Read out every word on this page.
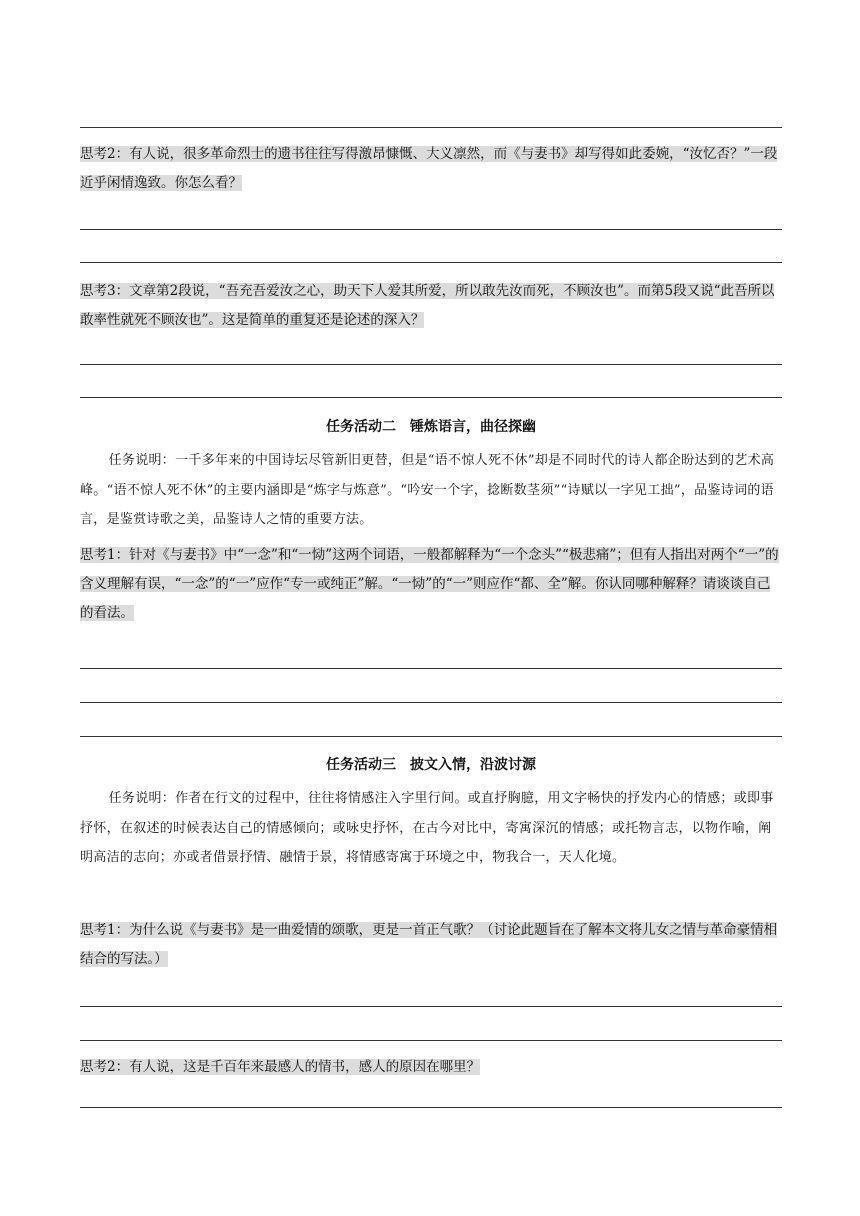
思考2：有人说，很多革命烈士的遗书往往写得激昂慷慨、大义凛然，而《与妻书》却写得如此委婉，“汝忆否？”一段近乎闲情逸致。你怎么看？
思考3：文章第2段说，“吾充吾爱汝之心，助天下人爱其所爱，所以敢先汝而死，不顾汝也”。而第5段又说“此吾所以敢率性就死不顾汝也”。这是简单的重复还是论述的深入？
任务活动二　锤炼语言，曲径探幽
任务说明：一千多年来的中国诗坛尽管新旧更替，但是“语不惊人死不休”却是不同时代的诗人都企盼达到的艺术高峰。“语不惊人死不休”的主要内涵即是“炼字与炼意”。“吟安一个字，捻断数茎须”“诗赋以一字见工拙”，品鉴诗词的语言，是鉴赏诗歌之美，品鉴诗人之情的重要方法。
思考1：针对《与妻书》中“一念”和“一恸”这两个词语，一般都解释为“一个念头”“极悲痛”；但有人指出对两个“一”的含义理解有误，“一念”的“一”应作“专一或纯正”解。“一恸”的“一”则应作“都、全”解。你认同哪种解释？请谈谈自己的看法。
任务活动三　披文入情，沿波讨源
任务说明：作者在行文的过程中，往往将情感注入字里行间。或直抒胸臆，用文字畅快的抒发内心的情感；或即事抒怀，在叙述的时候表达自己的情感倾向；或咏史抒怀，在古今对比中，寄寓深沉的情感；或托物言志，以物作喻，阐明高洁的志向；亦或者借景抒情、融情于景，将情感寄寓于环境之中，物我合一，天人化境。
思考1：为什么说《与妻书》是一曲爱情的颂歌，更是一首正气歌？（讨论此题旨在了解本文将儿女之情与革命豪情相结合的写法。）
思考2：有人说，这是千百年来最感人的情书，感人的原因在哪里？
